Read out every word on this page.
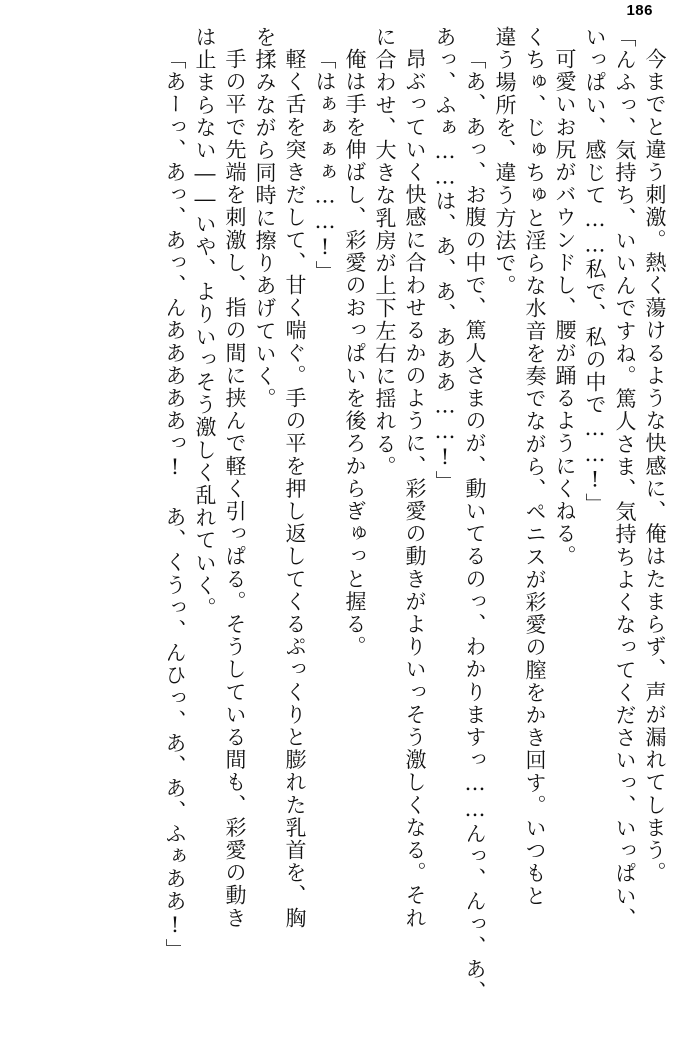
186
今までと違う刺激。熱く蕩けるような快感に、俺はたまらず、声が漏れてしまう。
「んふっ、気持ち、いいんですね。篤人さま、気持ちよくなってくださいっ、いっぱい、
いっぱい、感じて……私で、私の中で……!」
可愛いお尻がバウンドし、腰が踊るようにくねる。
くちゅ、じゅちゅと淫らな水音を奏でながら、ペニスが彩愛の膣をかき回す。いつもと
違う場所を、違う方法で。
「あ、あっ、お腹の中で、篤人さまのが、動いてるのっ、わかりますっ……んっ、んっ、あ、
あっ、ふぁ……は、あ、あ、あああ……!」
昂ぶっていく快感に合わせるかのように、彩愛の動きがよりいっそう激しくなる。それ
に合わせ、大きな乳房が上下左右に揺れる。
俺は手を伸ばし、彩愛のおっぱいを後ろからぎゅっと握る。
「はぁぁぁぁ……!」
軽く舌を突きだして、甘く喘ぐ。手の平を押し返してくるぷっくりと膨れた乳首を、胸
を揉みながら同時に擦りあげていく。
手の平で先端を刺激し、指の間に挟んで軽く引っぱる。そうしている間も、彩愛の動き
は止まらない――いや、よりいっそう激しく乱れていく。
「あーっ、あっ、あっ、んあああああっ! あ、くうっ、んひっ、あ、あ、ふぁああ!」
